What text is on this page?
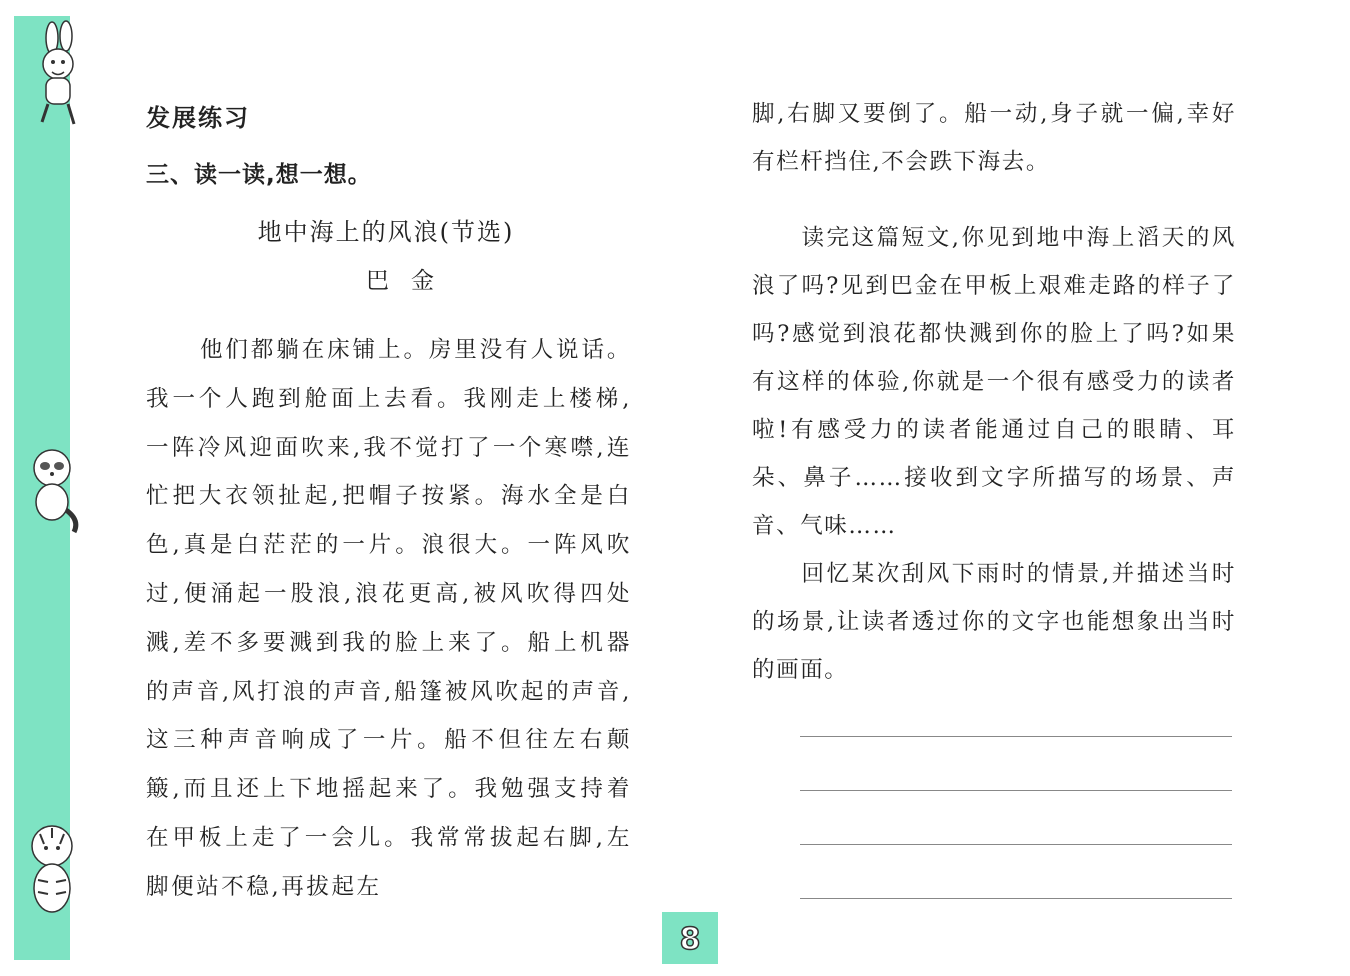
发展练习
三、读一读,想一想。
地中海上的风浪(节选)
巴金

他们都躺在床铺上。房里没有人说话。我一个人跑到舱面上去看。我刚走上楼梯,一阵冷风迎面吹来,我不觉打了一个寒噤,连忙把大衣领扯起,把帽子按紧。海水全是白色,真是白茫茫的一片。浪很大。一阵风吹过,便涌起一股浪,浪花更高,被风吹得四处溅,差不多要溅到我的脸上来了。船上机器的声音,风打浪的声音,船篷被风吹起的声音,这三种声音响成了一片。船不但往左右颠簸,而且还上下地摇起来了。我勉强支持着在甲板上走了一会儿。我常常拔起右脚,左脚便站不稳,再拔起左

脚,右脚又要倒了。船一动,身子就一偏,幸好有栏杆挡住,不会跌下海去。

读完这篇短文,你见到地中海上滔天的风浪了吗?见到巴金在甲板上艰难走路的样子了吗?感觉到浪花都快溅到你的脸上了吗?如果有这样的体验,你就是一个很有感受力的读者啦!有感受力的读者能通过自己的眼睛、耳朵、鼻子……接收到文字所描写的场景、声音、气味……

回忆某次刮风下雨时的情景,并描述当时的场景,让读者透过你的文字也能想象出当时的画面。

8
